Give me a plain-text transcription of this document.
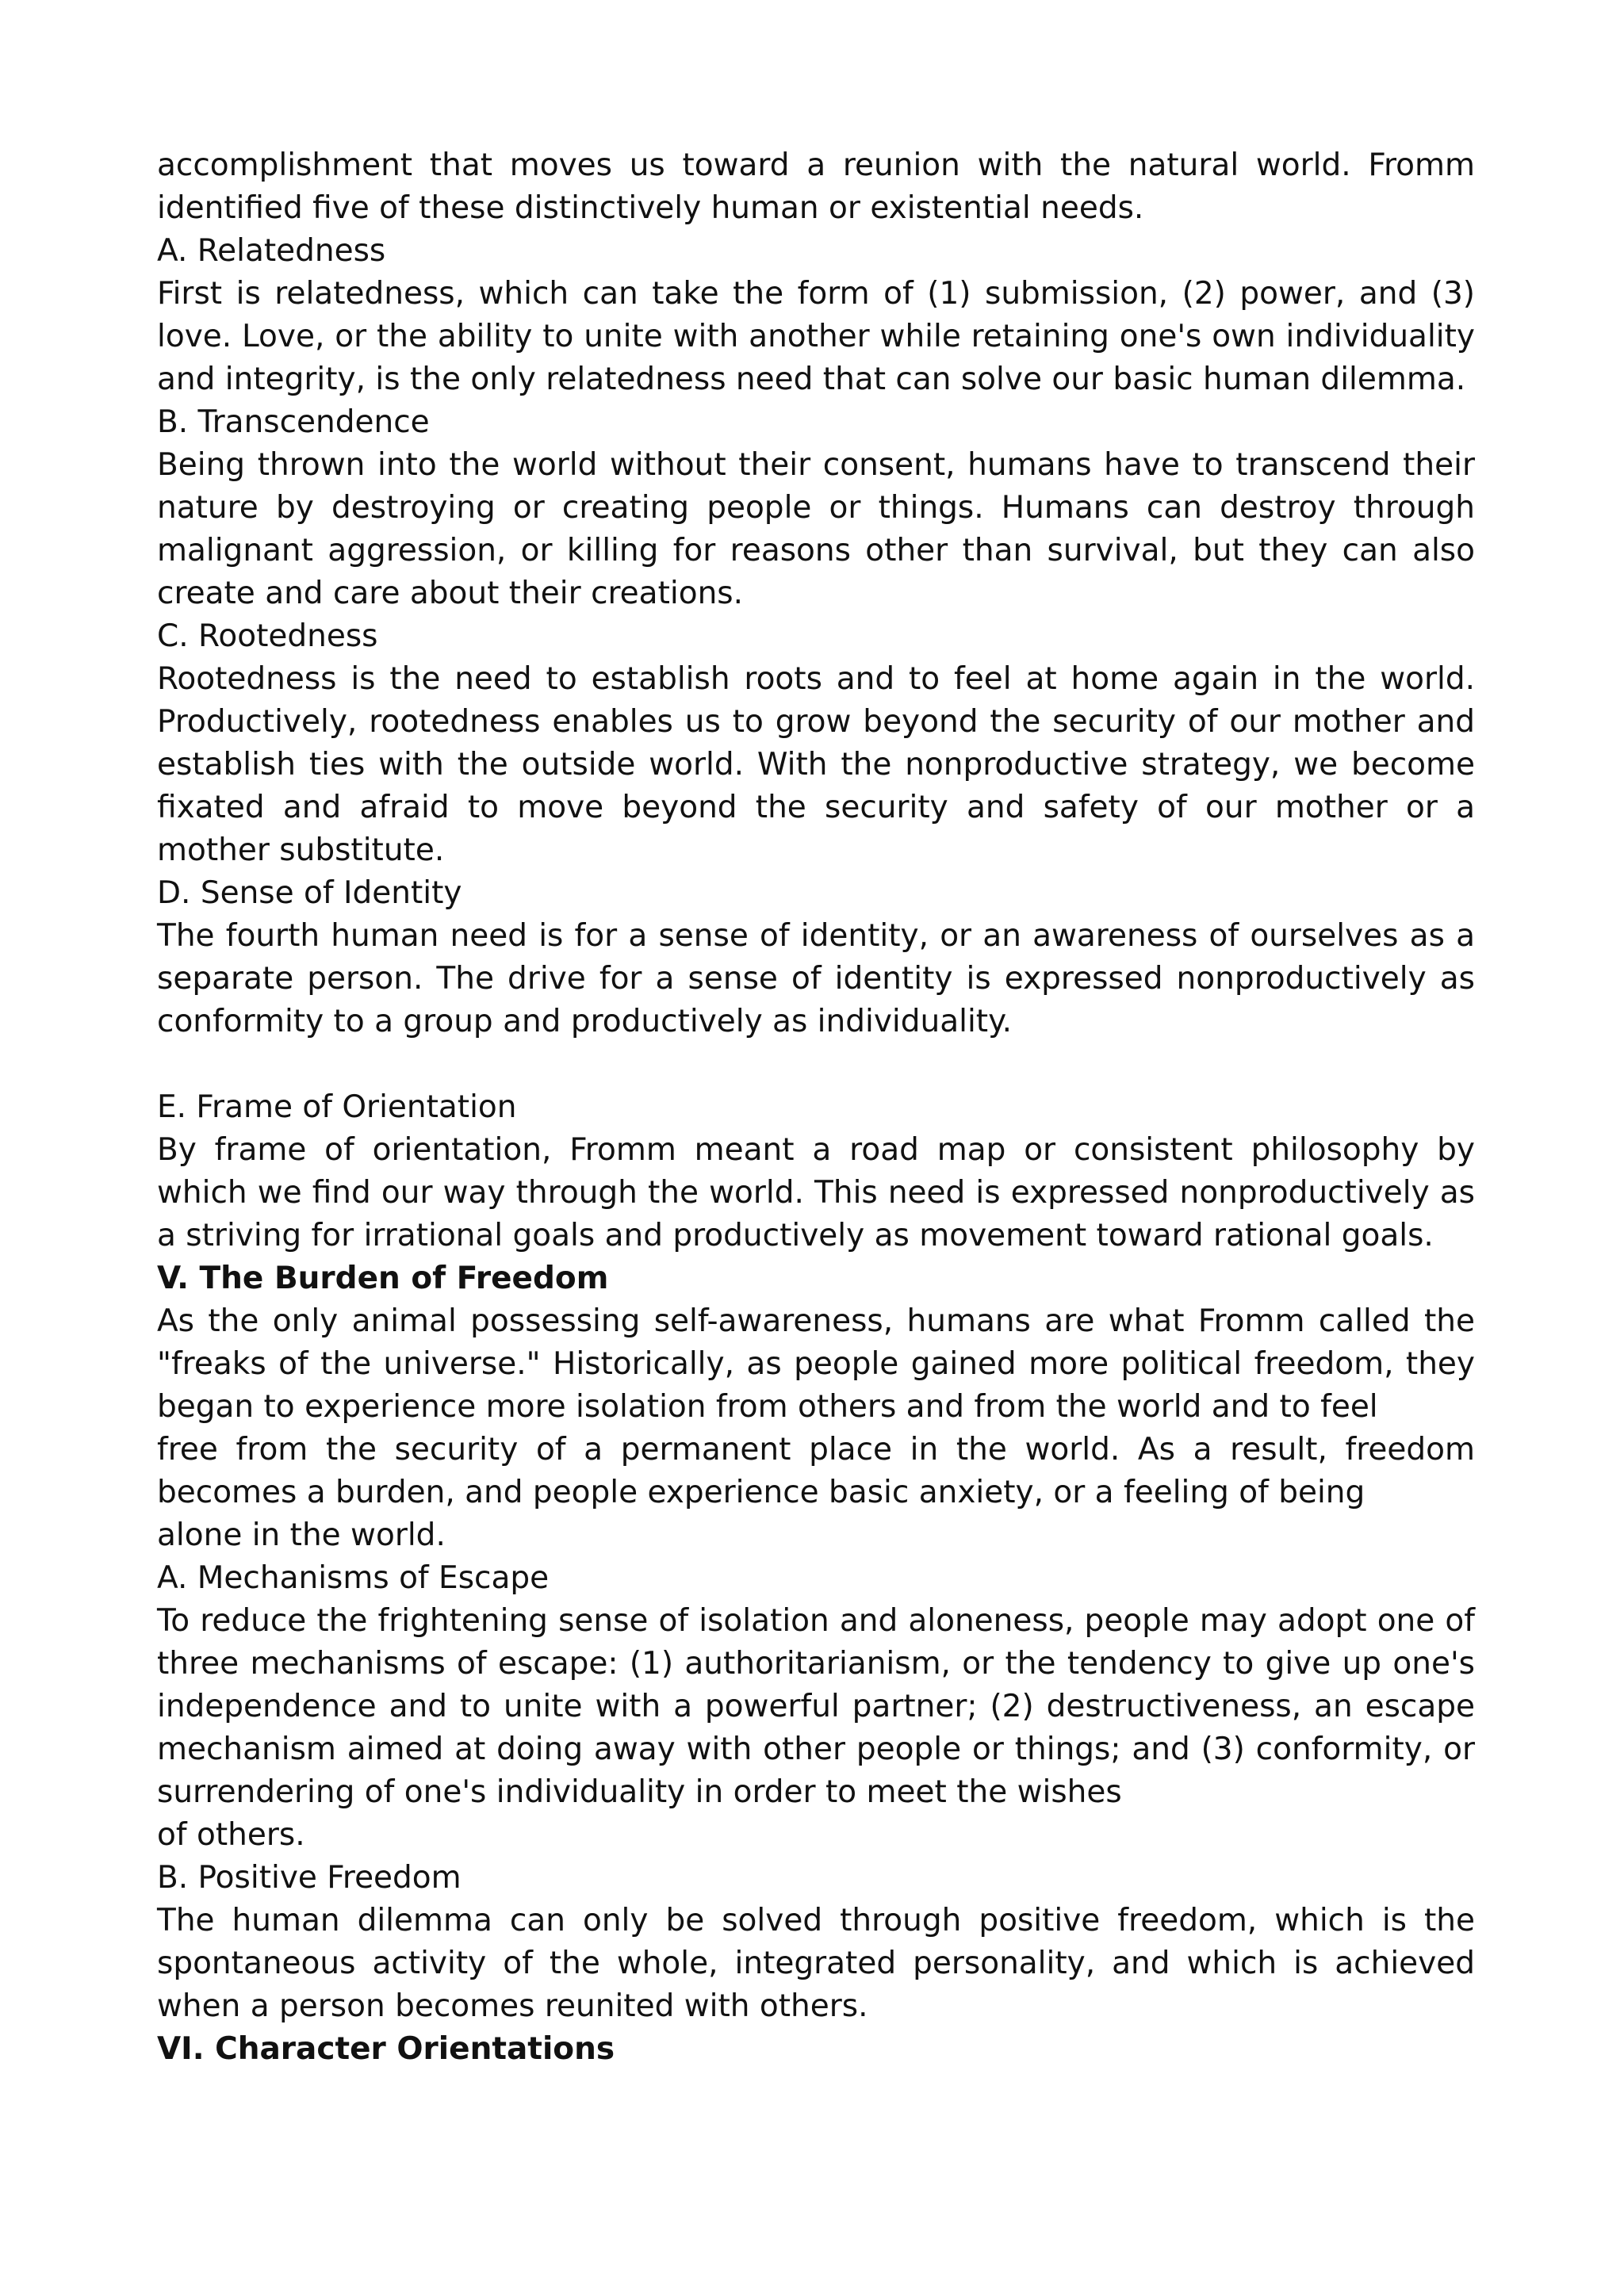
accomplishment that moves us toward a reunion with the natural world. Fromm identified five of these distinctively human or existential needs.
A. Relatedness
First is relatedness, which can take the form of (1) submission, (2) power, and (3) love. Love, or the ability to unite with another while retaining one's own individuality and integrity, is the only relatedness need that can solve our basic human dilemma.
B. Transcendence
Being thrown into the world without their consent, humans have to transcend their nature by destroying or creating people or things. Humans can destroy through malignant aggression, or killing for reasons other than survival, but they can also create and care about their creations.
C. Rootedness
Rootedness is the need to establish roots and to feel at home again in the world. Productively, rootedness enables us to grow beyond the security of our mother and establish ties with the outside world. With the nonproductive strategy, we become fixated and afraid to move beyond the security and safety of our mother or a mother substitute.
D. Sense of Identity
The fourth human need is for a sense of identity, or an awareness of ourselves as a separate person. The drive for a sense of identity is expressed nonproductively as conformity to a group and productively as individuality.
E. Frame of Orientation
By frame of orientation, Fromm meant a road map or consistent philosophy by which we find our way through the world. This need is expressed nonproductively as a striving for irrational goals and productively as movement toward rational goals.
V. The Burden of Freedom
As the only animal possessing self-awareness, humans are what Fromm called the "freaks of the universe." Historically, as people gained more political freedom, they began to experience more isolation from others and from the world and to feel
free from the security of a permanent place in the world. As a result, freedom becomes a burden, and people experience basic anxiety, or a feeling of being
alone in the world.
A. Mechanisms of Escape
To reduce the frightening sense of isolation and aloneness, people may adopt one of three mechanisms of escape: (1) authoritarianism, or the tendency to give up one's independence and to unite with a powerful partner; (2) destructiveness, an escape mechanism aimed at doing away with other people or things; and (3) conformity, or surrendering of one's individuality in order to meet the wishes
of others.
B. Positive Freedom
The human dilemma can only be solved through positive freedom, which is the spontaneous activity of the whole, integrated personality, and which is achieved when a person becomes reunited with others.
VI. Character Orientations
